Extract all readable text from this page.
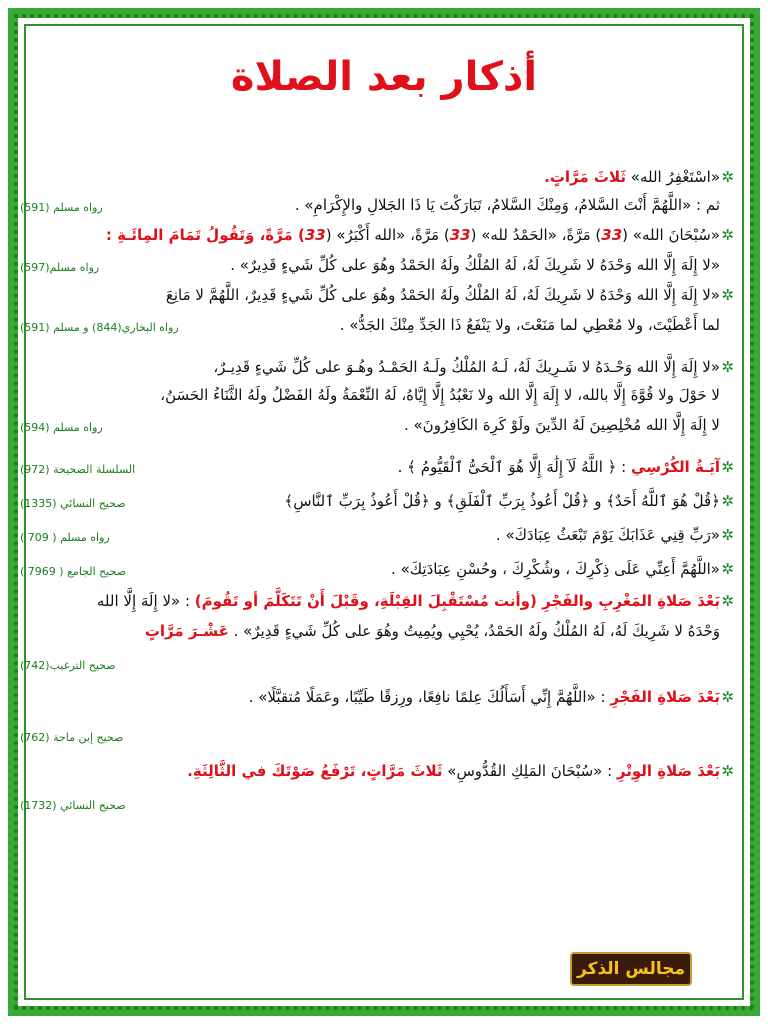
أذكار بعد الصلاة
✲
«اسْتَغْفِرُ الله» ثَلاثَ مَرَّاتٍ.
ثم : «اللَّهُمَّ أَنْتَ السَّلامُ، وَمِنْكَ السَّلامُ، تَبَارَكْتَ يَا ذَا الجَلالِ والإِكْرَامِ» .
رواه مسلم (591)
✲
«سُبْحَانَ الله» (33) مَرَّةً، «الحَمْدُ لله» (33) مَرَّةً، «الله أَكْبَرُ» (33) مَرَّةً، وَتَقُولُ تَمَامَ المِائَـةِ :
«لا إِلَهَ إِلَّا الله وَحْدَهُ لا شَرِيكَ لَهُ، لَهُ المُلْكُ ولَهُ الحَمْدُ وهُوَ على كُلِّ شَيءٍ قَدِيرٌ» .
رواه مسلم(597)
✲
«لا إِلَهَ إِلَّا الله وَحْدَهُ لا شَرِيكَ لَهُ، لَهُ المُلْكُ ولَهُ الحَمْدُ وهُوَ على كُلِّ شَيءٍ قَدِيرٌ، اللَّهُمَّ لا مَانِعَ
لما أَعْطَيْتَ، ولا مُعْطِي لما مَنَعْتَ، ولا يَنْفَعُ ذَا الجَدِّ مِنْكَ الجَدُّ» .
رواه البخاري(844) و مسلم (591)
✲
«لا إِلَهَ إِلَّا الله وَحْـدَهُ لا شَـرِيكَ لَهُ، لَـهُ المُلْكُ ولَـهُ الحَمْـدُ وهُـوَ على كُلِّ شَيءٍ قَدِيـرٌ،
لا حَوْلَ ولا قُوَّةَ إِلَّا بالله، لا إِلَهَ إِلَّا الله ولا نَعْبُدُ إِلَّا إِيَّاهُ، لَهُ النِّعْمَةُ ولَهُ الفَضْلُ ولَهُ الثَّنَاءُ الحَسَنُ،
لا إِلَهَ إِلَّا الله مُخْلِصِينَ لَهُ الدِّينَ ولَوْ كَرِهَ الكَافِرُونَ» .
رواه مسلم (594)
✲
آيَـةُ الكُرْسِي : ﴿ اللَّهُ لَآ إِلَٰهَ إِلَّا هُوَ ٱلْحَىُّ ٱلْقَيُّومُ ﴾ .
السلسلة الصحيحة (972)
✲
﴿قُلْ هُوَ ٱللَّهُ أَحَدٌ﴾ و ﴿قُلْ أَعُوذُ بِرَبِّ ٱلْفَلَقِ﴾ و ﴿قُلْ أَعُوذُ بِرَبِّ ٱلنَّاسِ﴾
صحيح النسائي (1335)
✲
«رَبِّ قِنِي عَذَابَكَ يَوْمَ تَبْعَثُ عِبَادَكَ» .
رواه مسلم ( 709 )
✲
«اللَّهُمَّ أَعِنِّي عَلَى ذِكْرِكَ ، وشُكْرِكَ ، وحُسْنِ عِبَادَتِكَ» .
صحيح الجامع ( 7969 )
✲
بَعْدَ صَلاةِ المَغْرِبِ والفَجْرِ (وأنت مُسْتَقْبِلَ القِبْلَةِ، وقَبْلَ أَنْ تَتَكَلَّمَ أو تَقُومَ) : «لا إِلَهَ إِلَّا الله
وَحْدَهُ لا شَرِيكَ لَهُ، لَهُ المُلْكُ ولَهُ الحَمْدُ، يُحْيِي ويُمِيتُ وهُوَ على كُلِّ شَيءٍ قَدِيرٌ» . عَشْـرَ مَرَّاتٍ
صحيح الترغيب(742)
✲
بَعْدَ صَلاةِ الفَجْرِ : «اللَّهُمَّ إِنِّي أَسَأَلُكَ عِلمًا نافِعًا، ورِزقًا طَيِّبًا، وعَمَلًا مُتقبَّلًا» .
صحيح إبن ماجة (762)
✲
بَعْدَ صَلاةِ الوِتْرِ : «سُبْحَانَ المَلِكِ القُدُّوسِ» ثَلاثَ مَرَّاتٍ، تَرْفَعُ صَوْتَكَ في الثَّالِثَةِ.
صحيح النسائي (1732)
مجالس الذكر
